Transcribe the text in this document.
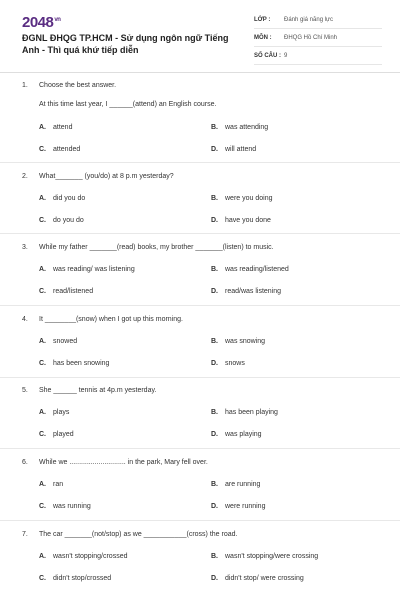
$2048^{vn}$
ĐGNL ĐHQG TP.HCM - Sử dụng ngôn ngữ Tiếng Anh - Thì quá khứ tiếp diễn
LỚP : Đánh giá năng lực
MÔN : ĐHQG Hồ Chí Minh
SỐ CÂU : 9
1. Choose the best answer.
At this time last year, I ______(attend) an English course.
A. attend	B. was attending
C. attended	D. will attend
2. What_______ (you/do) at 8 p.m yesterday?
A. did you do	B. were you doing
C. do you do	D. have you done
3. While my father _______(read) books, my brother _______(listen) to music.
A. was reading/ was listening	B. was reading/listened
C. read/listened	D. read/was listening
4. It ________(snow) when I got up this morning.
A. snowed	B. was snowing
C. has been snowing	D. snows
5. She ______ tennis at 4p.m yesterday.
A. plays	B. has been playing
C. played	D. was playing
6. While we ............................. in the park, Mary fell over.
A. ran	B. are running
C. was running	D. were running
7. The car _______(not/stop) as we ___________(cross) the road.
A. wasn't stopping/crossed	B. wasn't stopping/were crossing
C. didn't stop/crossed	D. didn't stop/ were crossing
